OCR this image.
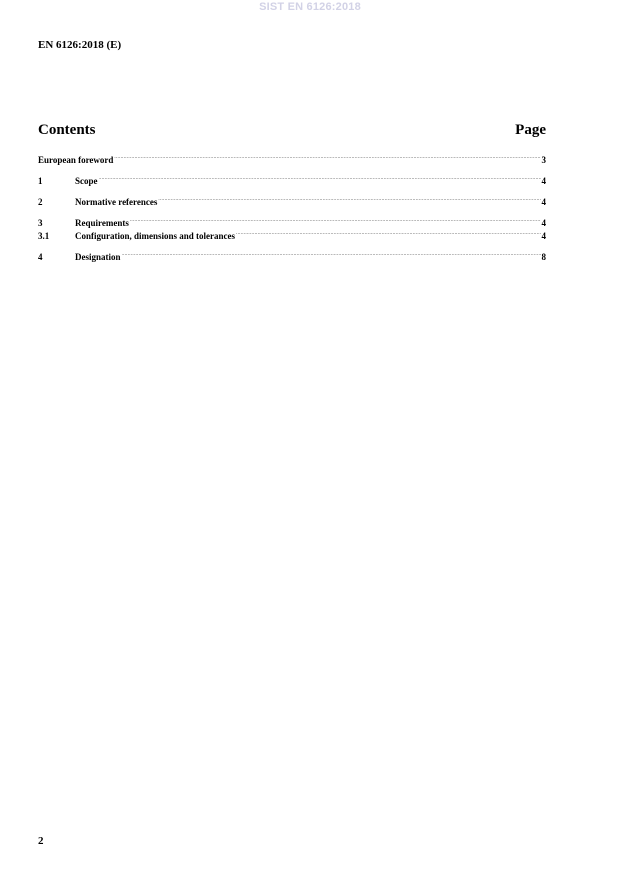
SIST EN 6126:2018
EN 6126:2018 (E)
Contents	Page
European foreword .....	3
1	Scope .....	4
2	Normative references .....	4
3	Requirements .....	4
3.1	Configuration, dimensions and tolerances .....	4
4	Designation .....	8
2
